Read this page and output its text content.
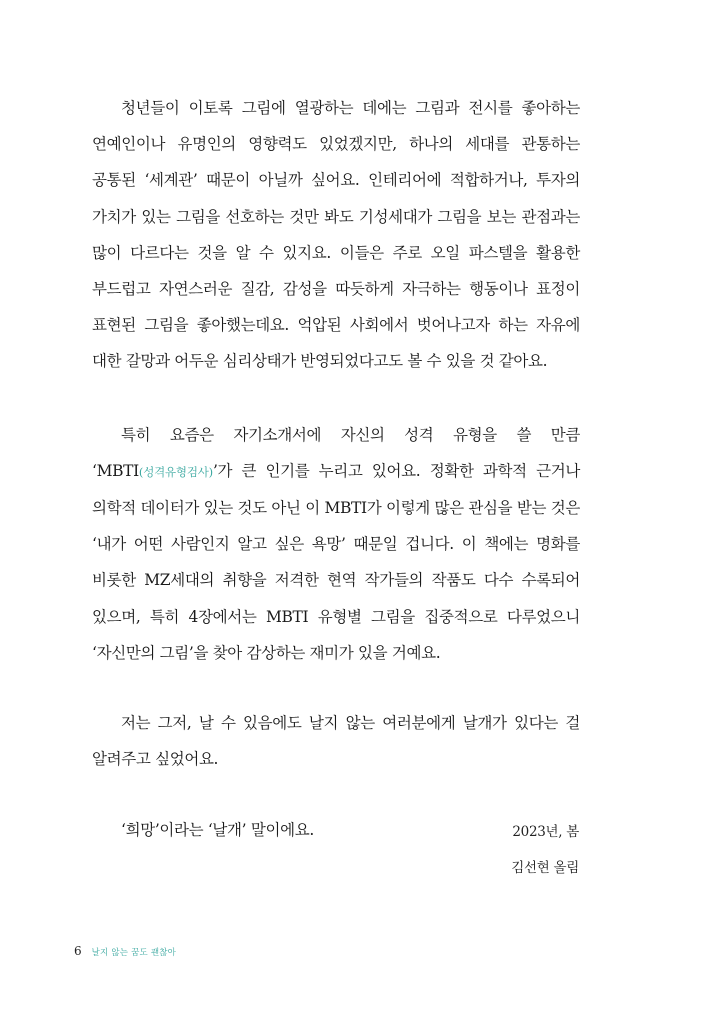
청년들이 이토록 그림에 열광하는 데에는 그림과 전시를 좋아하는 연예인이나 유명인의 영향력도 있었겠지만, 하나의 세대를 관통하는 공통된 ‘세계관’ 때문이 아닐까 싶어요. 인테리어에 적합하거나, 투자의 가치가 있는 그림을 선호하는 것만 봐도 기성세대가 그림을 보는 관점과는 많이 다르다는 것을 알 수 있지요. 이들은 주로 오일 파스텔을 활용한 부드럽고 자연스러운 질감, 감성을 따듯하게 자극하는 행동이나 표정이 표현된 그림을 좋아했는데요. 억압된 사회에서 벗어나고자 하는 자유에 대한 갈망과 어두운 심리상태가 반영되었다고도 볼 수 있을 것 같아요.

특히 요즘은 자기소개서에 자신의 성격 유형을 쓸 만큼 ‘MBTI(성격유형검사)’가 큰 인기를 누리고 있어요. 정확한 과학적 근거나 의학적 데이터가 있는 것도 아닌 이 MBTI가 이렇게 많은 관심을 받는 것은 ‘내가 어떤 사람인지 알고 싶은 욕망’ 때문일 겁니다. 이 책에는 명화를 비롯한 MZ세대의 취향을 저격한 현역 작가들의 작품도 다수 수록되어 있으며, 특히 4장에서는 MBTI 유형별 그림을 집중적으로 다루었으니 ‘자신만의 그림’을 찾아 감상하는 재미가 있을 거예요.

저는 그저, 날 수 있음에도 날지 않는 여러분에게 날개가 있다는 걸 알려주고 싶었어요.

‘희망’이라는 ‘날개’ 말이에요.	2023년, 봄
김선현 올림
6 날지 않는 꿈도 괜찮아
